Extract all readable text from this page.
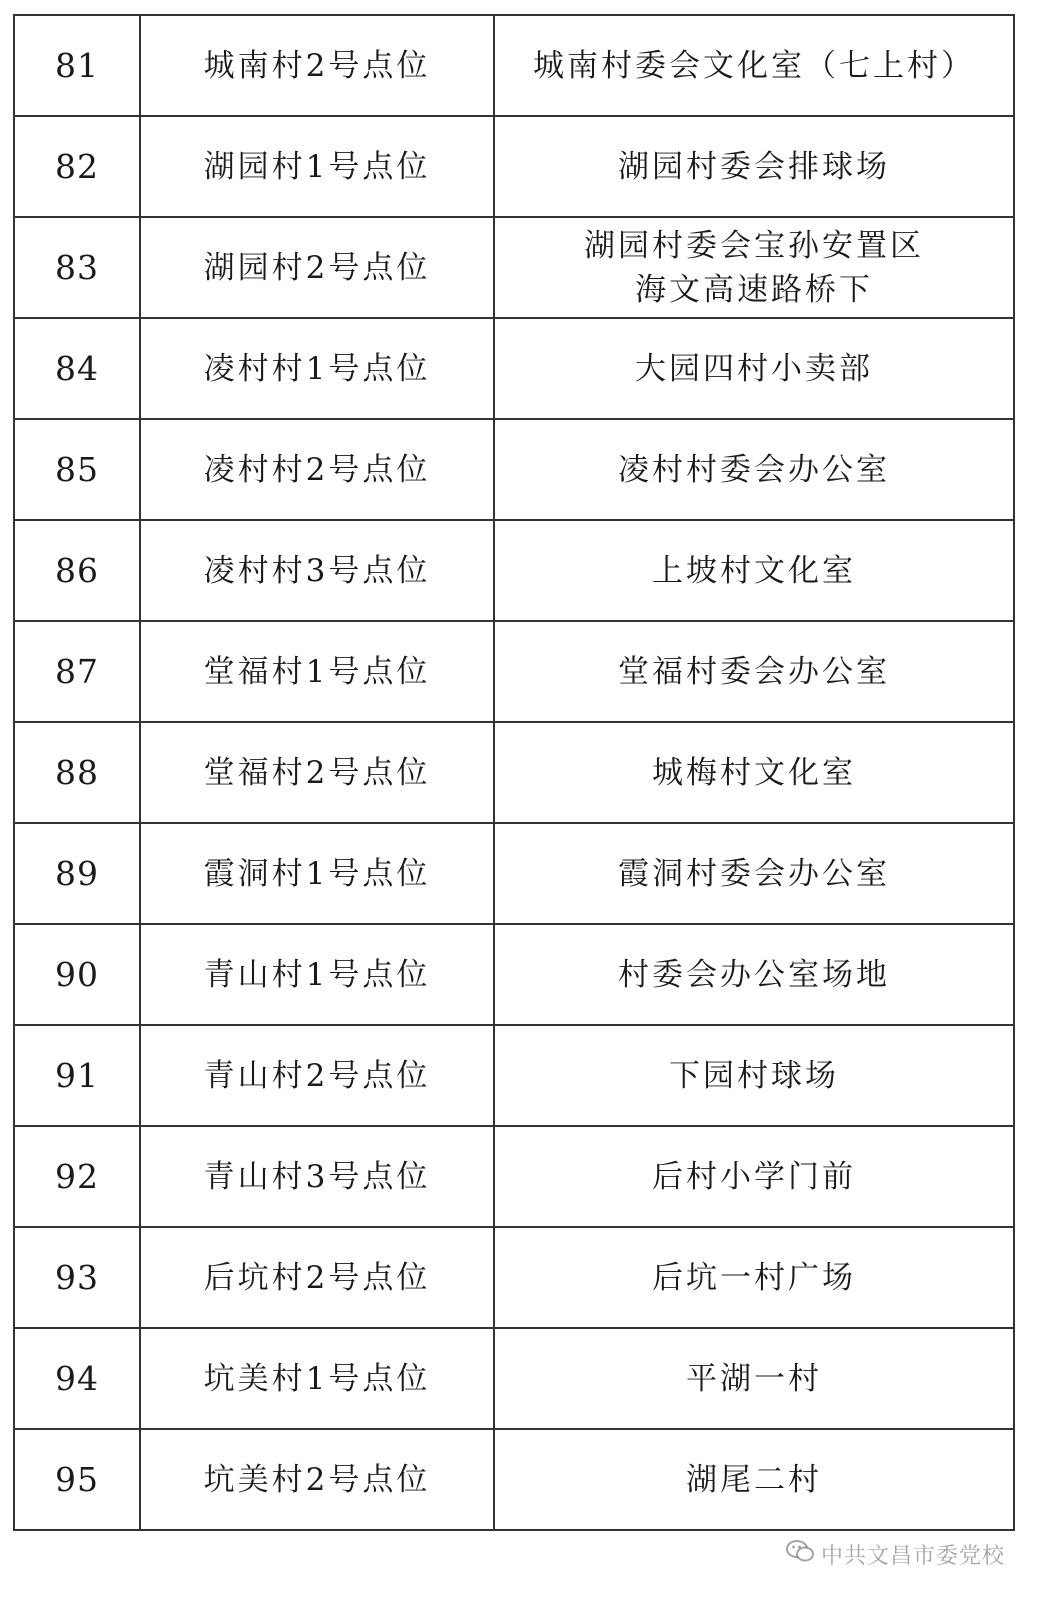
81	城南村2号点位	城南村委会文化室（七上村）

82	湖园村1号点位	湖园村委会排球场

83	湖园村2号点位	湖园村委会宝孙安置区
海文高速路桥下

84	凌村村1号点位	大园四村小卖部

85	凌村村2号点位	凌村村委会办公室

86	凌村村3号点位	上坡村文化室

87	堂福村1号点位	堂福村委会办公室

88	堂福村2号点位	城梅村文化室

89	霞洞村1号点位	霞洞村委会办公室

90	青山村1号点位	村委会办公室场地

91	青山村2号点位	下园村球场

92	青山村3号点位	后村小学门前

93	后坑村2号点位	后坑一村广场

94	坑美村1号点位	平湖一村

95	坑美村2号点位	湖尾二村
中共文昌市委党校
